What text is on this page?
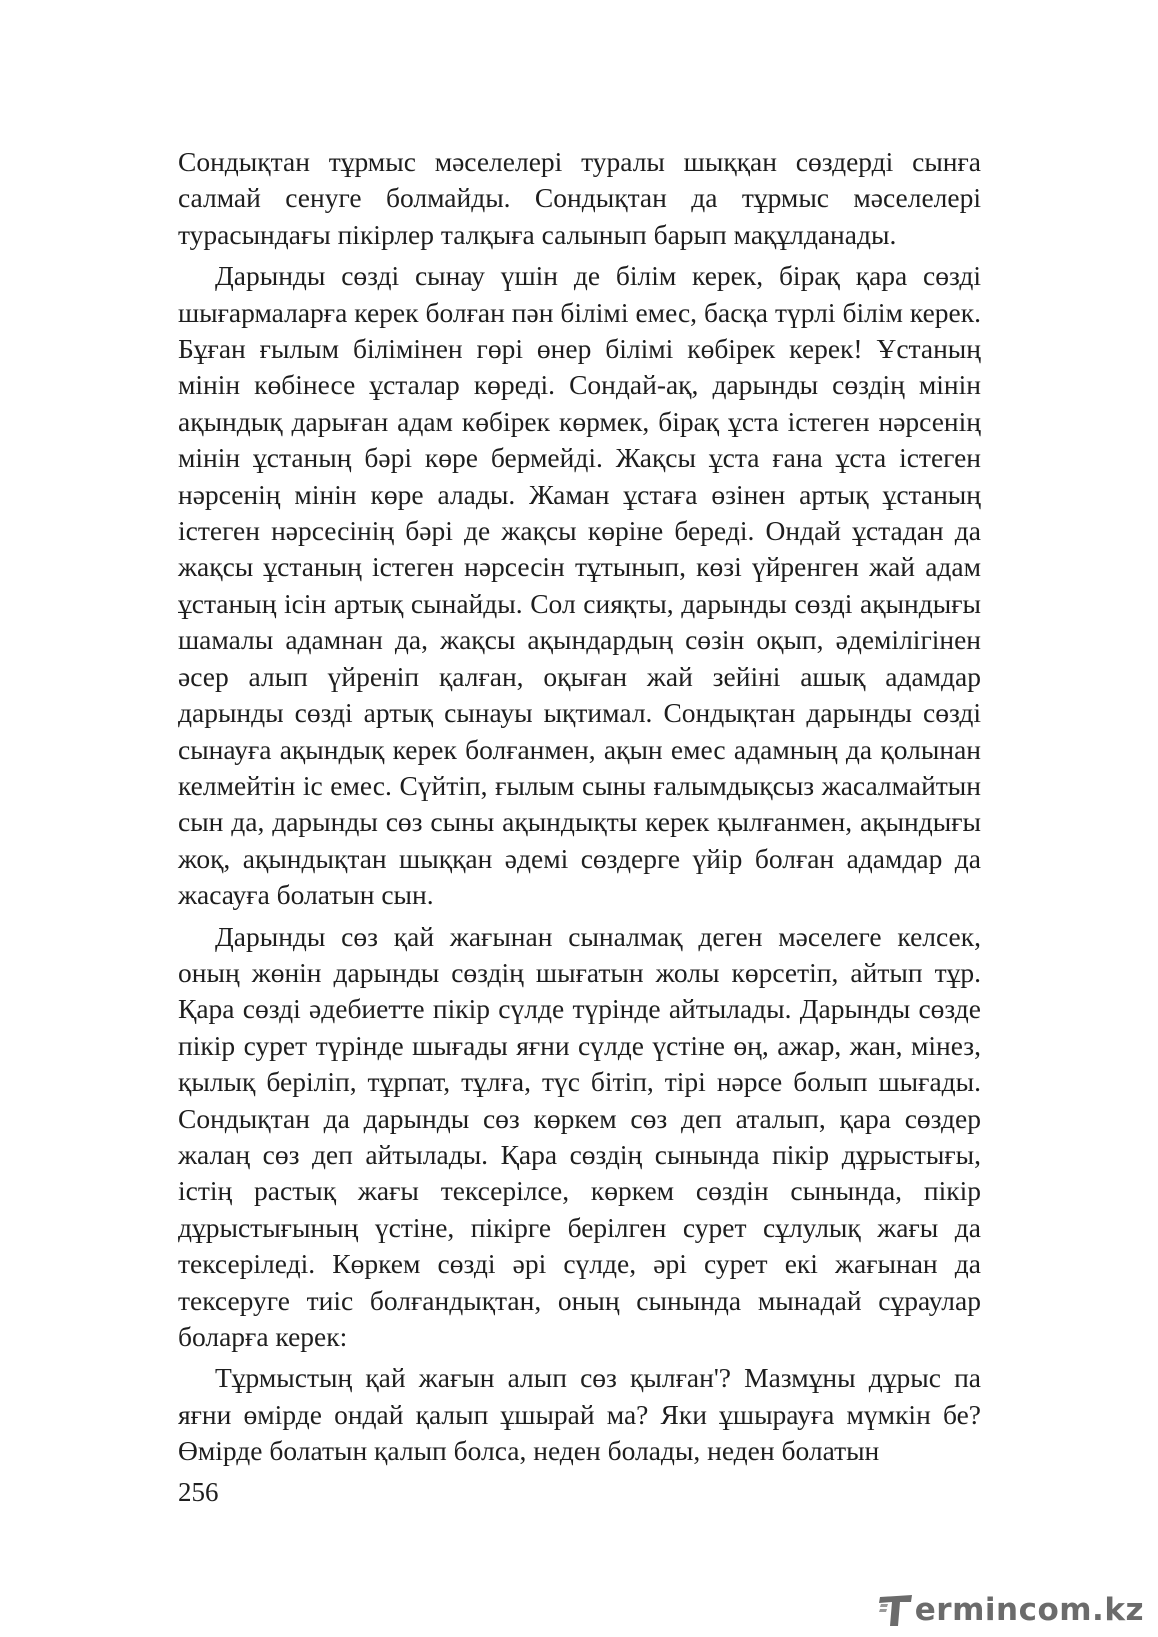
Сондықтан тұрмыс мәселелері туралы шыққан сөздерді сынға салмай сенуге болмайды. Сондықтан да тұрмыс мәселелері турасындағы пікірлер талқыға салынып барып мақұлданады.

Дарынды сөзді сынау үшін де білім керек, бірақ қара сөзді шығармаларға керек болған пән білімі емес, басқа түрлі білім керек. Бұған ғылым білімінен гөрі өнер білімі көбірек керек! Ұстаның мінін көбінесе ұсталар көреді. Сондай-ақ, дарынды сөздің мінін ақындық дарыған адам көбірек көрмек, бірақ ұста істеген нәрсенің мінін ұстаның бәрі көре бермейді. Жақсы ұста ғана ұста істеген нәрсенің мінін көре алады. Жаман ұстаға өзінен артық ұстаның істеген нәрсесінің бәрі де жақсы көріне береді. Ондай ұстадан да жақсы ұстаның істеген нәрсесін тұтынып, көзі үйренген жай адам ұстаның ісін артық сынайды. Сол сияқты, дарынды сөзді ақындығы шамалы адамнан да, жақсы ақындардың сөзін оқып, әдемілігінен әсер алып үйреніп қалған, оқыған жай зейіні ашық адамдар дарынды сөзді артық сынауы ықтимал. Сондықтан дарынды сөзді сынауға ақындық керек болғанмен, ақын емес адамның да қолынан келмейтін іс емес. Сүйтіп, ғылым сыны ғалымдықсыз жасалмайтын сын да, дарынды сөз сыны ақындықты керек қылғанмен, ақындығы жоқ, ақындықтан шыққан әдемі сөздерге үйір болған адамдар да жасауға болатын сын.

Дарынды сөз қай жағынан сыналмақ деген мәселеге келсек, оның жөнін дарынды сөздің шығатын жолы көрсетіп, айтып тұр. Қара сөзді әдебиетте пікір сүлде түрінде айтылады. Дарынды сөзде пікір сурет түрінде шығады яғни сүлде үстіне өң, ажар, жан, мінез, қылық беріліп, тұрпат, тұлға, түс бітіп, тірі нәрсе болып шығады. Сондықтан да дарынды сөз көркем сөз деп аталып, қара сөздер жалаң сөз деп айтылады. Қара сөздің сынында пікір дұрыстығы, істің растық жағы тексерілсе, көркем сөздін сынында, пікір дұрыстығының үстіне, пікірге берілген сурет сұлулық жағы да тексеріледі. Көркем сөзді әрі сүлде, әрі сурет екі жағынан да тексеруге тиіс болғандықтан, оның сынында мынадай сұраулар боларға керек:

Тұрмыстың қай жағын алып сөз қылған'? Мазмұны дұрыс па яғни өмірде ондай қалып ұшырай ма? Яки ұшырауға мүмкін бе? Өмірде болатын қалып болса, неден болады, неден болатын

256
ermincom.kz
